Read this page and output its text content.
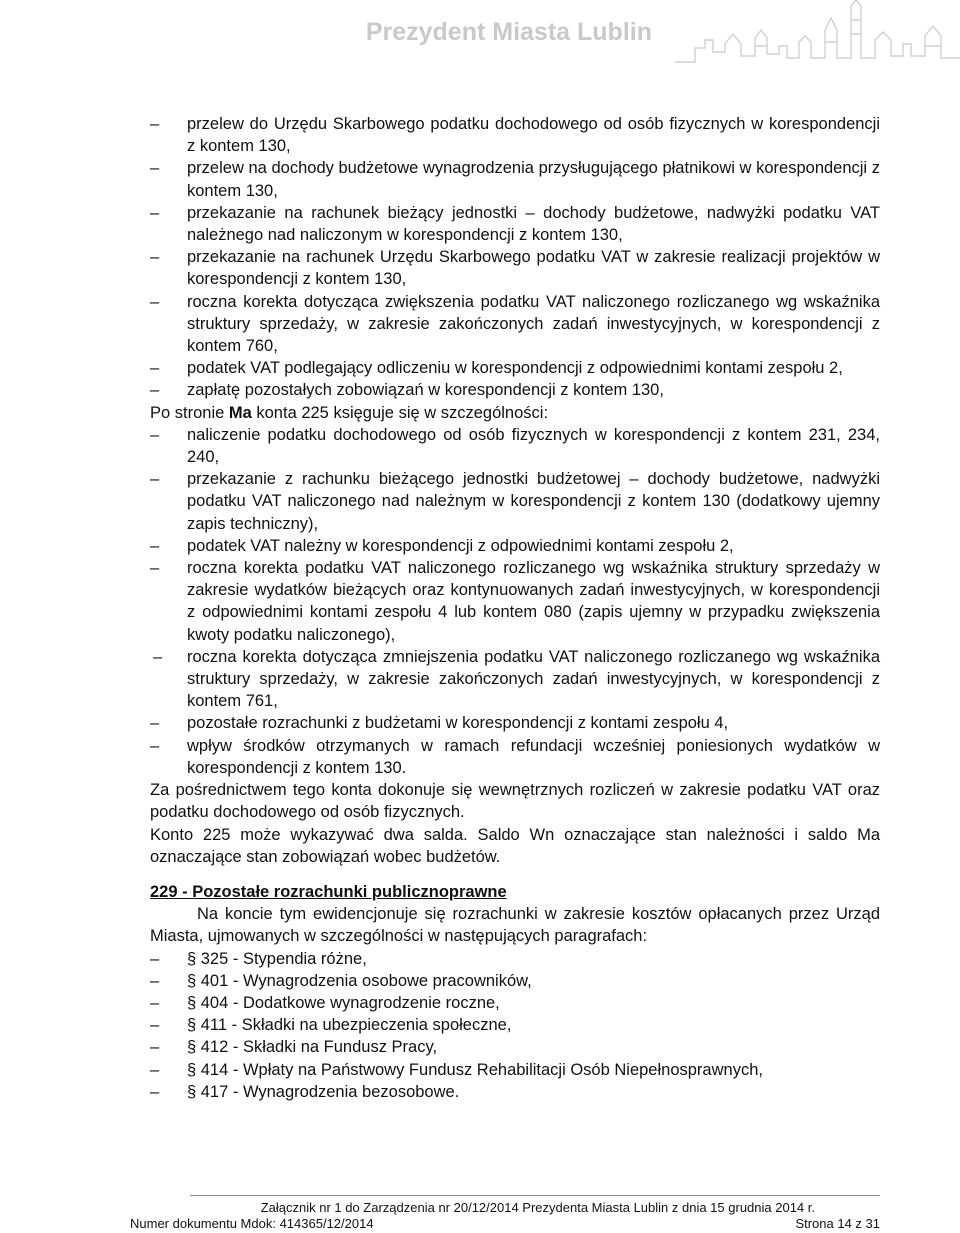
Prezydent Miasta Lublin
–	przelew do Urzędu Skarbowego podatku dochodowego od osób fizycznych w korespondencji z kontem 130,
–	przelew na dochody budżetowe wynagrodzenia przysługującego płatnikowi w korespondencji z kontem 130,
–	przekazanie na rachunek bieżący jednostki – dochody budżetowe, nadwyżki podatku VAT należnego nad naliczonym w korespondencji z kontem 130,
–	przekazanie na rachunek Urzędu Skarbowego podatku VAT w zakresie realizacji projektów w korespondencji z kontem 130,
–	roczna korekta dotycząca zwiększenia podatku VAT naliczonego rozliczanego wg wskaźnika struktury sprzedaży, w zakresie zakończonych zadań inwestycyjnych, w korespondencji z kontem 760,
–	podatek VAT podlegający odliczeniu w korespondencji z odpowiednimi kontami zespołu 2,
–	zapłatę pozostałych zobowiązań w korespondencji z kontem 130,
Po stronie Ma konta 225 księguje się w szczególności:
–	naliczenie podatku dochodowego od osób fizycznych w korespondencji z kontem 231, 234, 240,
–	przekazanie z rachunku bieżącego jednostki budżetowej – dochody budżetowe, nadwyżki podatku VAT naliczonego nad należnym w korespondencji z kontem 130 (dodatkowy ujemny zapis techniczny),
–	podatek VAT należny w korespondencji z odpowiednimi kontami zespołu 2,
–	roczna korekta podatku VAT naliczonego rozliczanego wg wskaźnika struktury sprzedaży w zakresie wydatków bieżących oraz kontynuowanych zadań inwestycyjnych, w korespondencji z odpowiednimi kontami zespołu 4 lub kontem 080 (zapis ujemny w przypadku zwiększenia kwoty podatku naliczonego),
–	roczna korekta dotycząca zmniejszenia podatku VAT naliczonego rozliczanego wg wskaźnika struktury sprzedaży, w zakresie zakończonych zadań inwestycyjnych, w korespondencji z kontem 761,
–	pozostałe rozrachunki z budżetami w korespondencji z kontami zespołu 4,
–	wpływ środków otrzymanych w ramach refundacji wcześniej poniesionych wydatków w korespondencji z kontem 130.
Za pośrednictwem tego konta dokonuje się wewnętrznych rozliczeń w zakresie podatku VAT oraz podatku dochodowego od osób fizycznych.
Konto 225 może wykazywać dwa salda. Saldo Wn oznaczające stan należności i saldo Ma oznaczające stan zobowiązań wobec budżetów.
229 - Pozostałe rozrachunki publicznoprawne
Na koncie tym ewidencjonuje się rozrachunki w zakresie kosztów opłacanych przez Urząd Miasta, ujmowanych w szczególności w następujących paragrafach:
–	§ 325 - Stypendia różne,
–	§ 401 - Wynagrodzenia osobowe pracowników,
–	§ 404 - Dodatkowe wynagrodzenie roczne,
–	§ 411 - Składki na ubezpieczenia społeczne,
–	§ 412 - Składki na Fundusz Pracy,
–	§ 414 - Wpłaty na Państwowy Fundusz Rehabilitacji Osób Niepełnosprawnych,
–	§ 417 - Wynagrodzenia bezosobowe.
Załącznik nr 1 do Zarządzenia nr 20/12/2014 Prezydenta Miasta Lublin z dnia 15 grudnia 2014 r.
Numer dokumentu Mdok: 414365/12/2014	Strona 14 z 31
